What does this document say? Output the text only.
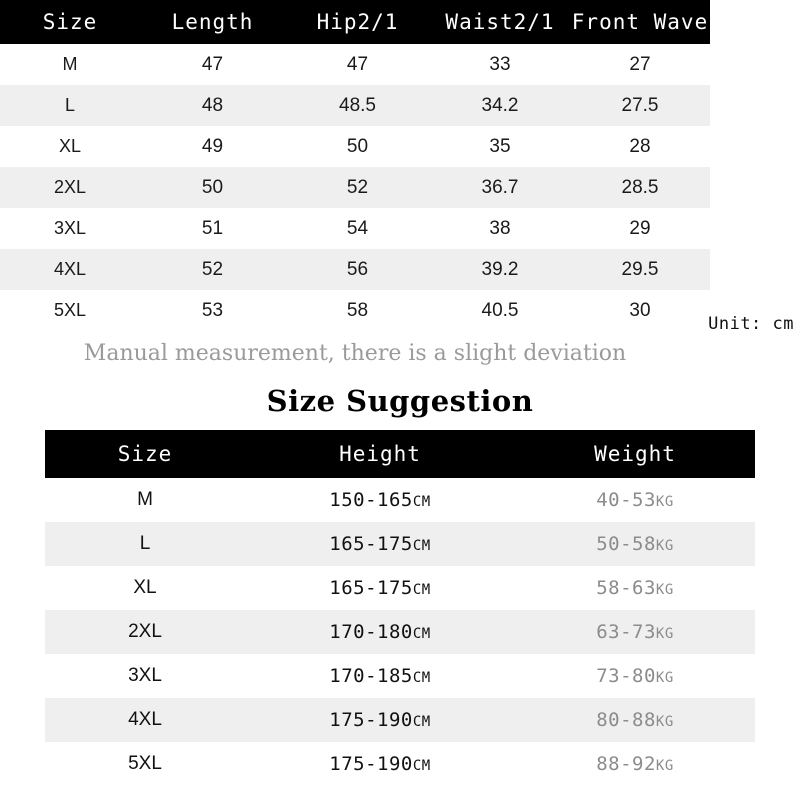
Size	Length	Hip2/1	Waist2/1	Front Wave
M	47	47	33	27
L	48	48.5	34.2	27.5
XL	49	50	35	28
2XL	50	52	36.7	28.5
3XL	51	54	38	29
4XL	52	56	39.2	29.5
5XL	53	58	40.5	30
Unit: cm
Manual measurement, there is a slight deviation
Size Suggestion
Size	Height	Weight
M	150-165CM	40-53KG
L	165-175CM	50-58KG
XL	165-175CM	58-63KG
2XL	170-180CM	63-73KG
3XL	170-185CM	73-80KG
4XL	175-190CM	80-88KG
5XL	175-190CM	88-92KG
